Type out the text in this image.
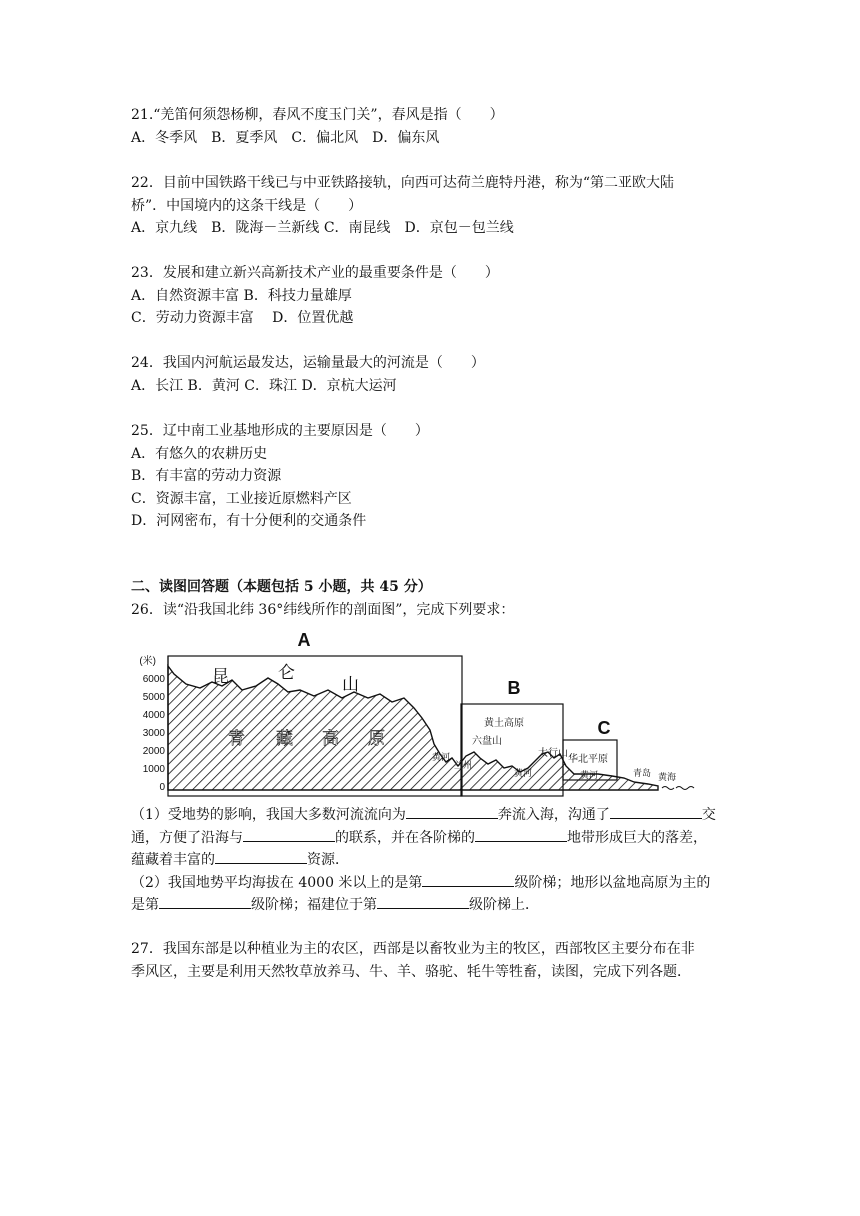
21.“羌笛何须怨杨柳，春风不度玉门关”，春风是指（　　）
A．冬季风　B．夏季风　C．偏北风　D．偏东风
22．目前中国铁路干线已与中亚铁路接轨，向西可达荷兰鹿特丹港，称为“第二亚欧大陆
桥”．中国境内的这条干线是（　　）
A．京九线　B．陇海－兰新线 C．南昆线　D．京包－包兰线
23．发展和建立新兴高新技术产业的最重要条件是（　　）
A．自然资源丰富 B．科技力量雄厚
C．劳动力资源丰富　 D．位置优越
24．我国内河航运最发达，运输量最大的河流是（　　）
A．长江 B．黄河 C．珠江 D．京杭大运河
25．辽中南工业基地形成的主要原因是（　　）
A．有悠久的农耕历史
B．有丰富的劳动力资源
C．资源丰富，工业接近原燃料产区
D．河网密布，有十分便利的交通条件
二、读图回答题（本题包括 5 小题，共 45 分）
26．读“沿我国北纬 36°纬线所作的剖面图”，完成下列要求：
(米)
6000
5000
4000
3000
2000
1000
0
A
B
C
昆	仑
山
青 藏 高 原
黄土高原
六盘山
太行山
华北平原
青岛
黄河
兰州
黄河	黄河	黄海
（1）受地势的影响，我国大多数河流流向为	奔流入海，沟通了	交
通，方便了沿海与	的联系，并在各阶梯的	地带形成巨大的落差，
蕴藏着丰富的	资源．
（2）我国地势平均海拔在 4000 米以上的是第	级阶梯；地形以盆地高原为主的
是第	级阶梯；福建位于第	级阶梯上．
27．我国东部是以种植业为主的农区，西部是以畜牧业为主的牧区，西部牧区主要分布在非
季风区，主要是利用天然牧草放养马、牛、羊、骆驼、牦牛等牲畜，读图，完成下列各题．
